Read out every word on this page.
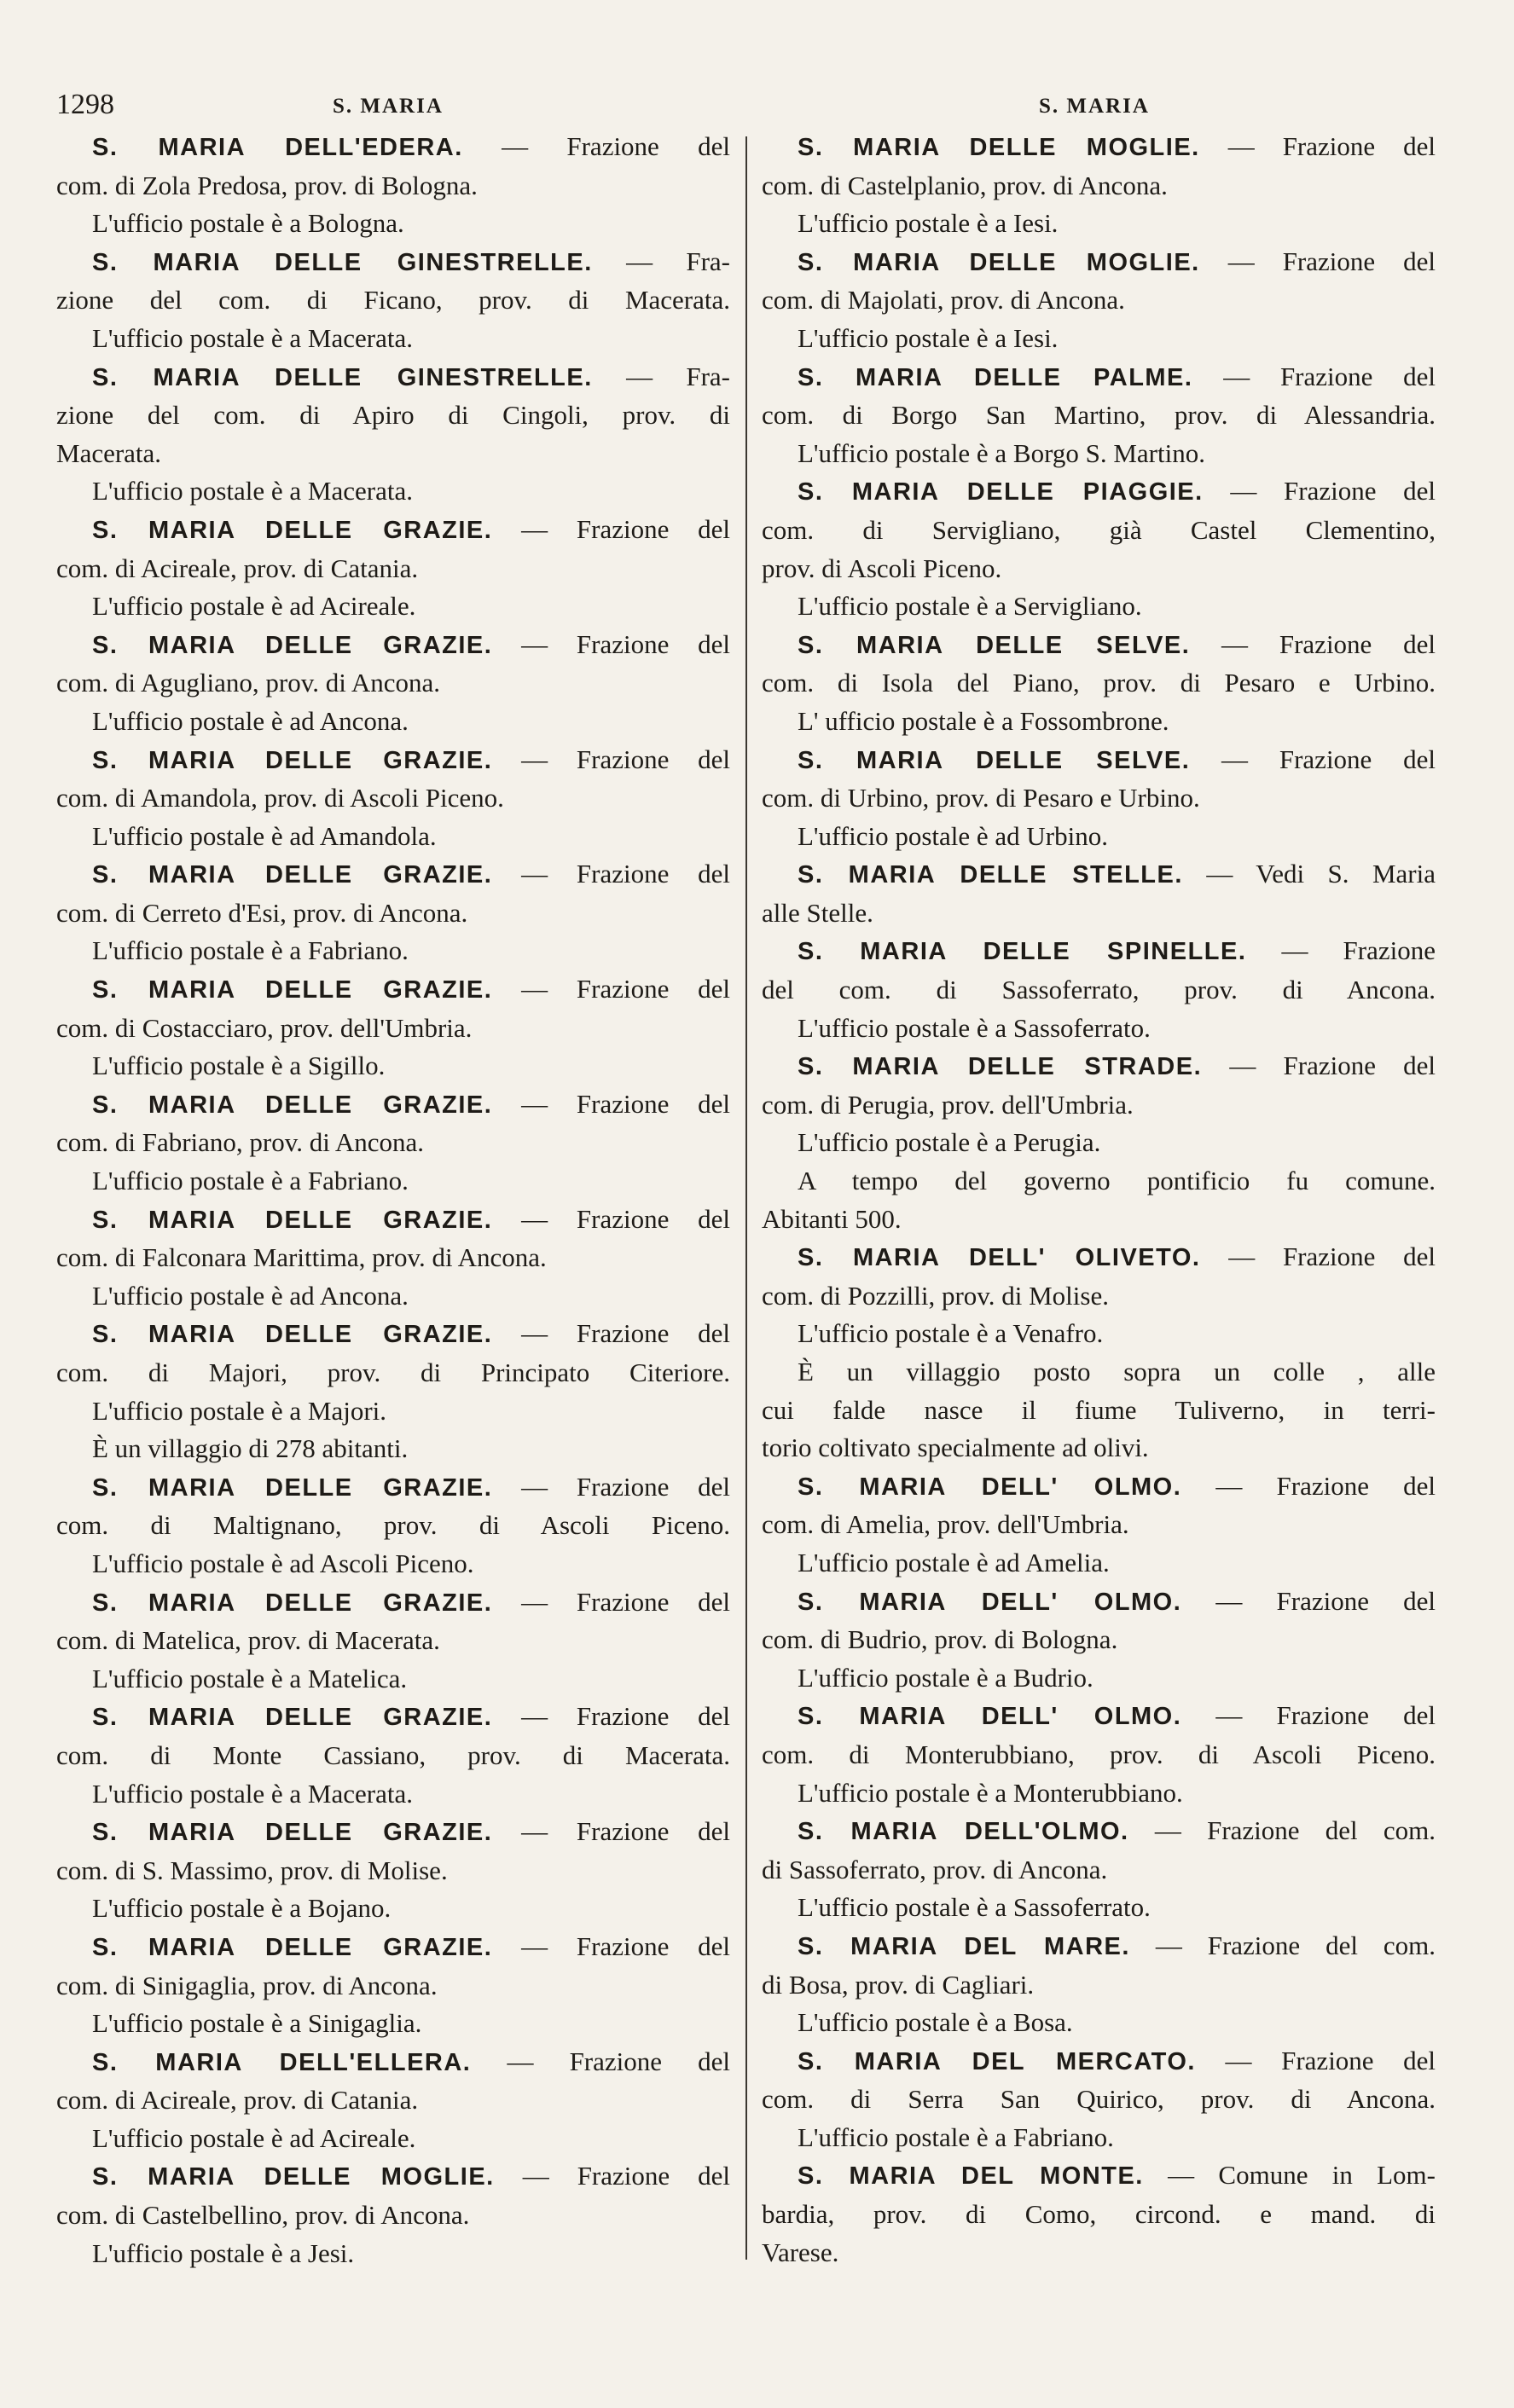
1298	S. MARIA	S. MARIA
S. MARIA DELL'EDERA. — Frazione del
com. di Zola Predosa, prov. di Bologna.
L'ufficio postale è a Bologna.
S. MARIA DELLE GINESTRELLE. — Fra-
zione del com. di Ficano, prov. di Macerata.
L'ufficio postale è a Macerata.
S. MARIA DELLE GINESTRELLE. — Fra-
zione del com. di Apiro di Cingoli, prov. di
Macerata.
L'ufficio postale è a Macerata.
S. MARIA DELLE GRAZIE. — Frazione del
com. di Acireale, prov. di Catania.
L'ufficio postale è ad Acireale.
S. MARIA DELLE GRAZIE. — Frazione del
com. di Agugliano, prov. di Ancona.
L'ufficio postale è ad Ancona.
S. MARIA DELLE GRAZIE. — Frazione del
com. di Amandola, prov. di Ascoli Piceno.
L'ufficio postale è ad Amandola.
S. MARIA DELLE GRAZIE. — Frazione del
com. di Cerreto d'Esi, prov. di Ancona.
L'ufficio postale è a Fabriano.
S. MARIA DELLE GRAZIE. — Frazione del
com. di Costacciaro, prov. dell'Umbria.
L'ufficio postale è a Sigillo.
S. MARIA DELLE GRAZIE. — Frazione del
com. di Fabriano, prov. di Ancona.
L'ufficio postale è a Fabriano.
S. MARIA DELLE GRAZIE. — Frazione del
com. di Falconara Marittima, prov. di Ancona.
L'ufficio postale è ad Ancona.
S. MARIA DELLE GRAZIE. — Frazione del
com. di Majori, prov. di Principato Citeriore.
L'ufficio postale è a Majori.
È un villaggio di 278 abitanti.
S. MARIA DELLE GRAZIE. — Frazione del
com. di Maltignano, prov. di Ascoli Piceno.
L'ufficio postale è ad Ascoli Piceno.
S. MARIA DELLE GRAZIE. — Frazione del
com. di Matelica, prov. di Macerata.
L'ufficio postale è a Matelica.
S. MARIA DELLE GRAZIE. — Frazione del
com. di Monte Cassiano, prov. di Macerata.
L'ufficio postale è a Macerata.
S. MARIA DELLE GRAZIE. — Frazione del
com. di S. Massimo, prov. di Molise.
L'ufficio postale è a Bojano.
S. MARIA DELLE GRAZIE. — Frazione del
com. di Sinigaglia, prov. di Ancona.
L'ufficio postale è a Sinigaglia.
S. MARIA DELL'ELLERA. — Frazione del
com. di Acireale, prov. di Catania.
L'ufficio postale è ad Acireale.
S. MARIA DELLE MOGLIE. — Frazione del
com. di Castelbellino, prov. di Ancona.
L'ufficio postale è a Jesi.
S. MARIA DELLE MOGLIE. — Frazione del
com. di Castelplanio, prov. di Ancona.
L'ufficio postale è a Iesi.
S. MARIA DELLE MOGLIE. — Frazione del
com. di Majolati, prov. di Ancona.
L'ufficio postale è a Iesi.
S. MARIA DELLE PALME. — Frazione del
com. di Borgo San Martino, prov. di Alessandria.
L'ufficio postale è a Borgo S. Martino.
S. MARIA DELLE PIAGGIE. — Frazione del
com. di Servigliano, già Castel Clementino,
prov. di Ascoli Piceno.
L'ufficio postale è a Servigliano.
S. MARIA DELLE SELVE. — Frazione del
com. di Isola del Piano, prov. di Pesaro e Urbino.
L' ufficio postale è a Fossombrone.
S. MARIA DELLE SELVE. — Frazione del
com. di Urbino, prov. di Pesaro e Urbino.
L'ufficio postale è ad Urbino.
S. MARIA DELLE STELLE. — Vedi S. Maria
alle Stelle.
S. MARIA DELLE SPINELLE. — Frazione
del com. di Sassoferrato, prov. di Ancona.
L'ufficio postale è a Sassoferrato.
S. MARIA DELLE STRADE. — Frazione del
com. di Perugia, prov. dell'Umbria.
L'ufficio postale è a Perugia.
A tempo del governo pontificio fu comune.
Abitanti 500.
S. MARIA DELL' OLIVETO. — Frazione del
com. di Pozzilli, prov. di Molise.
L'ufficio postale è a Venafro.
È un villaggio posto sopra un colle , alle
cui falde nasce il fiume Tuliverno, in terri-
torio coltivato specialmente ad olivi.
S. MARIA DELL' OLMO. — Frazione del
com. di Amelia, prov. dell'Umbria.
L'ufficio postale è ad Amelia.
S. MARIA DELL' OLMO. — Frazione del
com. di Budrio, prov. di Bologna.
L'ufficio postale è a Budrio.
S. MARIA DELL' OLMO. — Frazione del
com. di Monterubbiano, prov. di Ascoli Piceno.
L'ufficio postale è a Monterubbiano.
S. MARIA DELL'OLMO. — Frazione del com.
di Sassoferrato, prov. di Ancona.
L'ufficio postale è a Sassoferrato.
S. MARIA DEL MARE. — Frazione del com.
di Bosa, prov. di Cagliari.
L'ufficio postale è a Bosa.
S. MARIA DEL MERCATO. — Frazione del
com. di Serra San Quirico, prov. di Ancona.
L'ufficio postale è a Fabriano.
S. MARIA DEL MONTE. — Comune in Lom-
bardia, prov. di Como, circond. e mand. di
Varese.
